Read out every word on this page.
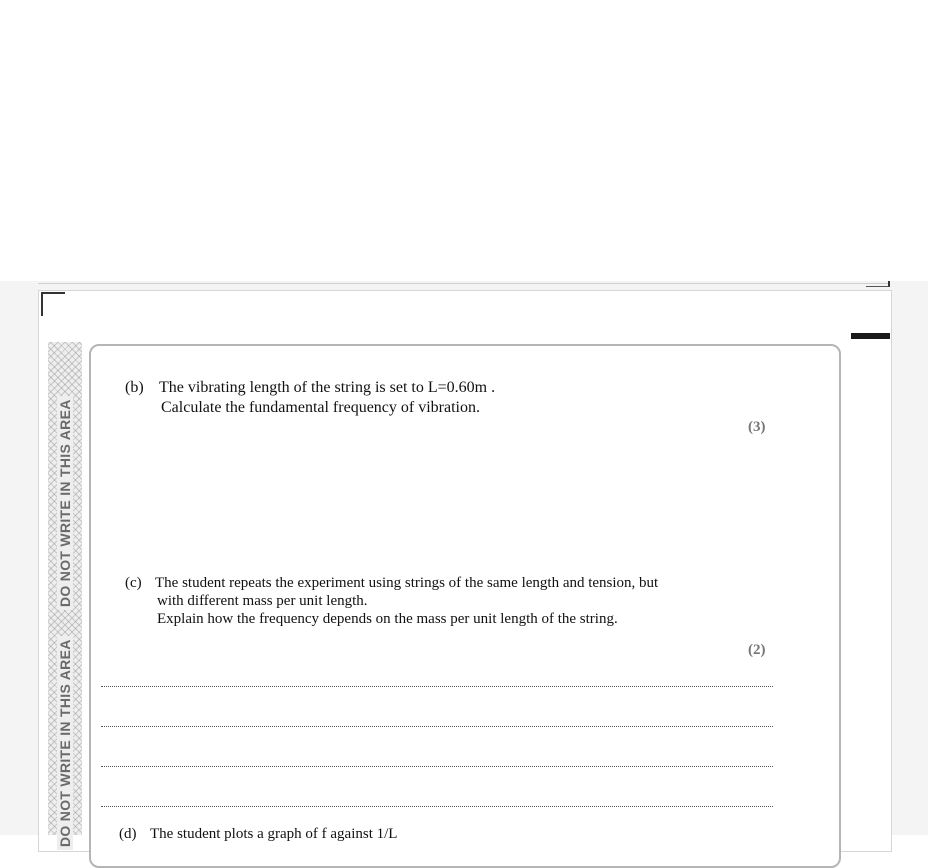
DO NOT WRITE IN THIS AREA
DO NOT WRITE IN THIS AREA
(b) The vibrating length of the string is set to L=0.60m .
Calculate the fundamental frequency of vibration.
(3)
(c) The student repeats the experiment using strings of the same length and tension, but
with different mass per unit length.
Explain how the frequency depends on the mass per unit length of the string.
(2)
(d) The student plots a graph of f against 1/L
